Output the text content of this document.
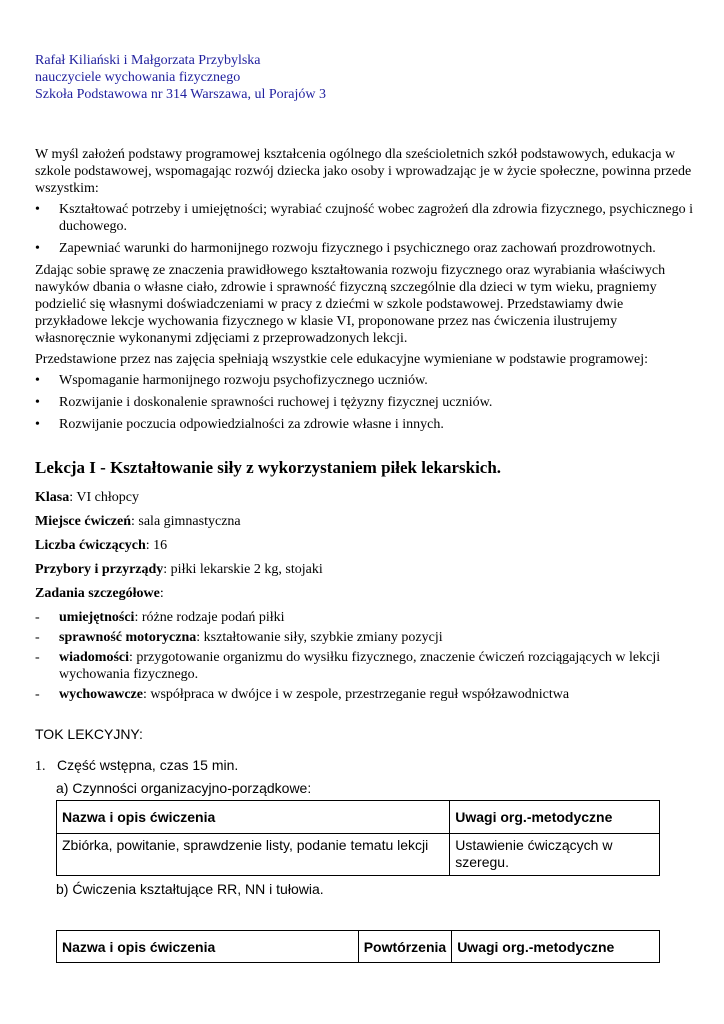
Rafał Kiliański i Małgorzata Przybylska
nauczyciele wychowania fizycznego
Szkoła Podstawowa nr 314 Warszawa, ul Porajów 3

W myśl założeń podstawy programowej kształcenia ogólnego dla sześcioletnich szkół podstawowych, edukacja w szkole podstawowej, wspomagając rozwój dziecka jako osoby i wprowadzając je w życie społeczne, powinna przede wszystkim:

• Kształtować potrzeby i umiejętności; wyrabiać czujność wobec zagrożeń dla zdrowia fizycznego, psychicznego i duchowego.
• Zapewniać warunki do harmonijnego rozwoju fizycznego i psychicznego oraz zachowań prozdrowotnych.

Zdając sobie sprawę ze znaczenia prawidłowego kształtowania rozwoju fizycznego oraz wyrabiania właściwych nawyków dbania o własne ciało, zdrowie i sprawność fizyczną szczególnie dla dzieci w tym wieku, pragniemy podzielić się własnymi doświadczeniami w pracy z dziećmi w szkole podstawowej. Przedstawiamy dwie przykładowe lekcje wychowania fizycznego w klasie VI, proponowane przez nas ćwiczenia ilustrujemy własnoręcznie wykonanymi zdjęciami z przeprowadzonych lekcji.

Przedstawione przez nas zajęcia spełniają wszystkie cele edukacyjne wymieniane w podstawie programowej:

• Wspomaganie harmonijnego rozwoju psychofizycznego uczniów.
• Rozwijanie i doskonalenie sprawności ruchowej i tężyzny fizycznej uczniów.
• Rozwijanie poczucia odpowiedzialności za zdrowie własne i innych.
Lekcja I - Kształtowanie siły z wykorzystaniem piłek lekarskich.
Klasa: VI chłopcy
Miejsce ćwiczeń: sala gimnastyczna
Liczba ćwiczących: 16
Przybory i przyrządy: piłki lekarskie 2 kg, stojaki
Zadania szczegółowe:
- umiejętności: różne rodzaje podań piłki
- sprawność motoryczna: kształtowanie siły, szybkie zmiany pozycji
- wiadomości: przygotowanie organizmu do wysiłku fizycznego, znaczenie ćwiczeń rozciągających w lekcji wychowania fizycznego.
- wychowawcze: współpraca w dwójce i w zespole, przestrzeganie reguł współzawodnictwa
TOK LEKCYJNY:
1. Część wstępna, czas 15 min.
a) Czynności organizacyjno-porządkowe:
Nazwa i opis ćwiczenia	Uwagi org.-metodyczne
Zbiórka, powitanie, sprawdzenie listy, podanie tematu lekcji	Ustawienie ćwiczących w szeregu.
b) Ćwiczenia kształtujące RR, NN i tułowia.
Nazwa i opis ćwiczenia	Powtórzenia	Uwagi org.-metodyczne
